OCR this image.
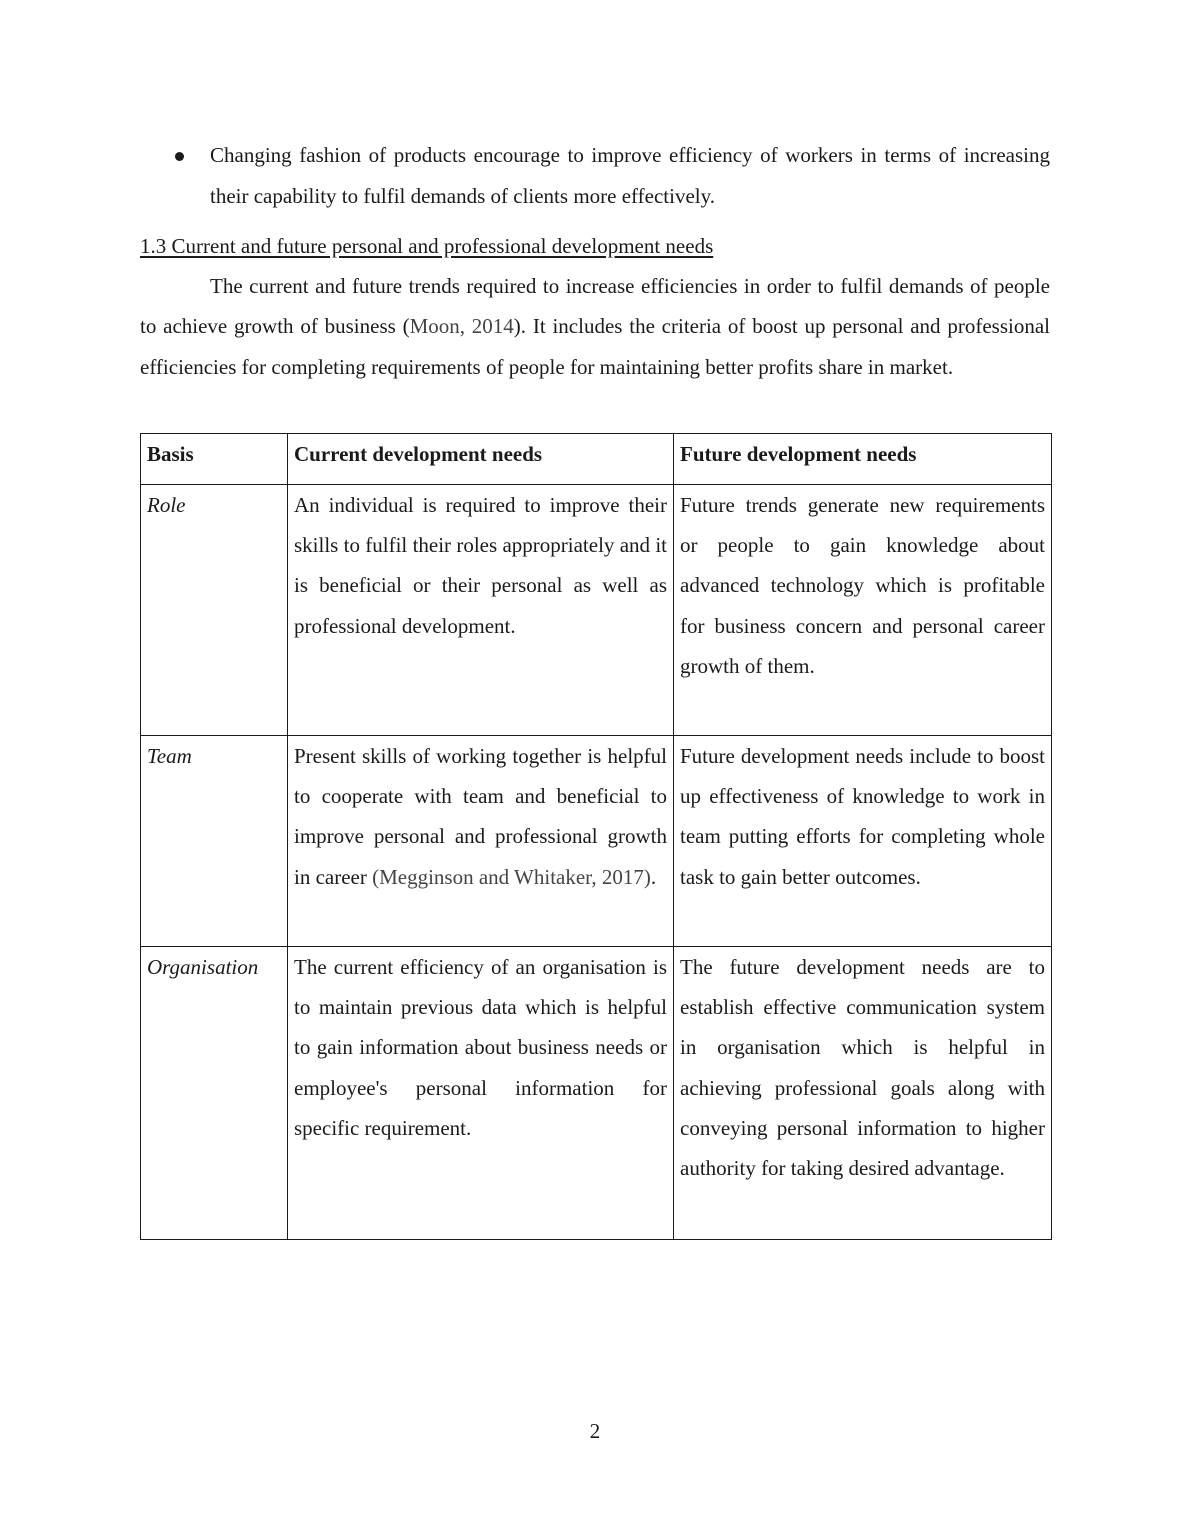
Changing fashion of products encourage to improve efficiency of workers in terms of increasing their capability to fulfil demands of clients more effectively.
1.3 Current and future personal and professional development needs
The current and future trends required to increase efficiencies in order to fulfil demands of people to achieve growth of business (Moon, 2014). It includes the criteria of boost up personal and professional efficiencies for completing requirements of people for maintaining better profits share in market.
Basis	Current development needs	Future development needs
Role	An individual is required to improve their skills to fulfil their roles appropriately and it is beneficial or their personal as well as professional development.	Future trends generate new requirements or people to gain knowledge about advanced technology which is profitable for business concern and personal career growth of them.
Team	Present skills of working together is helpful to cooperate with team and beneficial to improve personal and professional growth in career (Megginson and Whitaker, 2017).	Future development needs include to boost up effectiveness of knowledge to work in team putting efforts for completing whole task to gain better outcomes.
Organisation	The current efficiency of an organisation is to maintain previous data which is helpful to gain information about business needs or employee's personal information for specific requirement.	The future development needs are to establish effective communication system in organisation which is helpful in achieving professional goals along with conveying personal information to higher authority for taking desired advantage.
2
